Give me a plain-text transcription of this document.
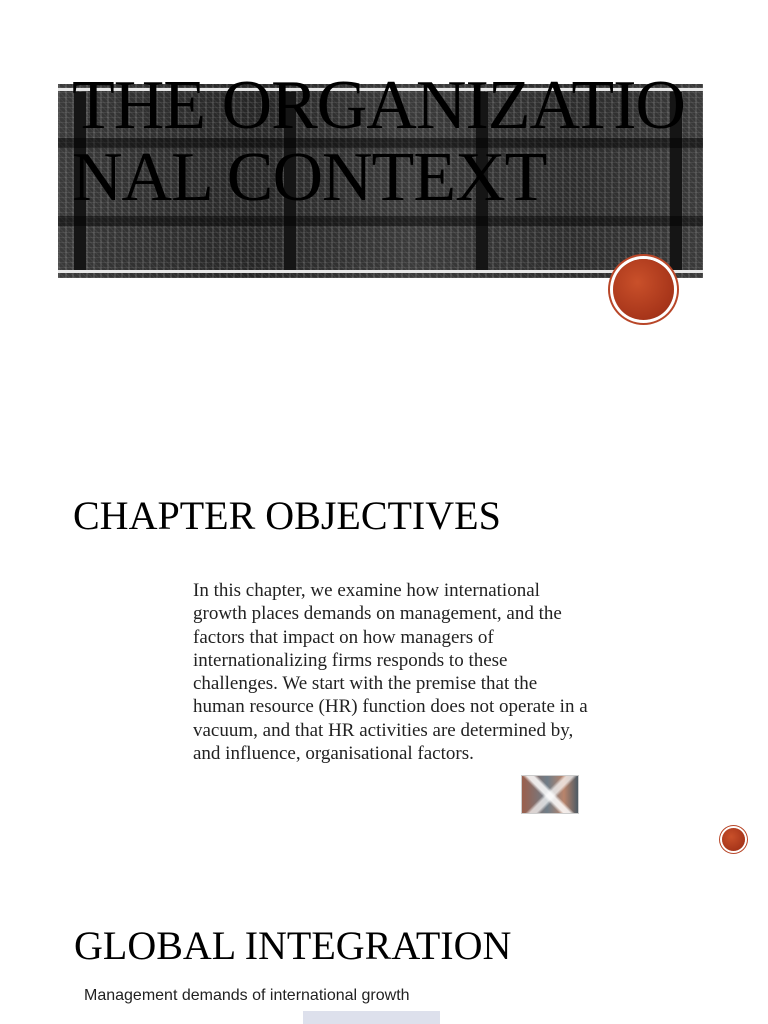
THE ORGANIZATIONAL CONTEXT
CHAPTER OBJECTIVES

In this chapter, we examine how international growth places demands on management, and the factors that impact on how managers of internationalizing firms responds to these challenges. We start with the premise that the human resource (HR) function does not operate in a vacuum, and that HR activities are determined by, and influence, organisational factors.

GLOBAL INTEGRATION

Management demands of international growth
